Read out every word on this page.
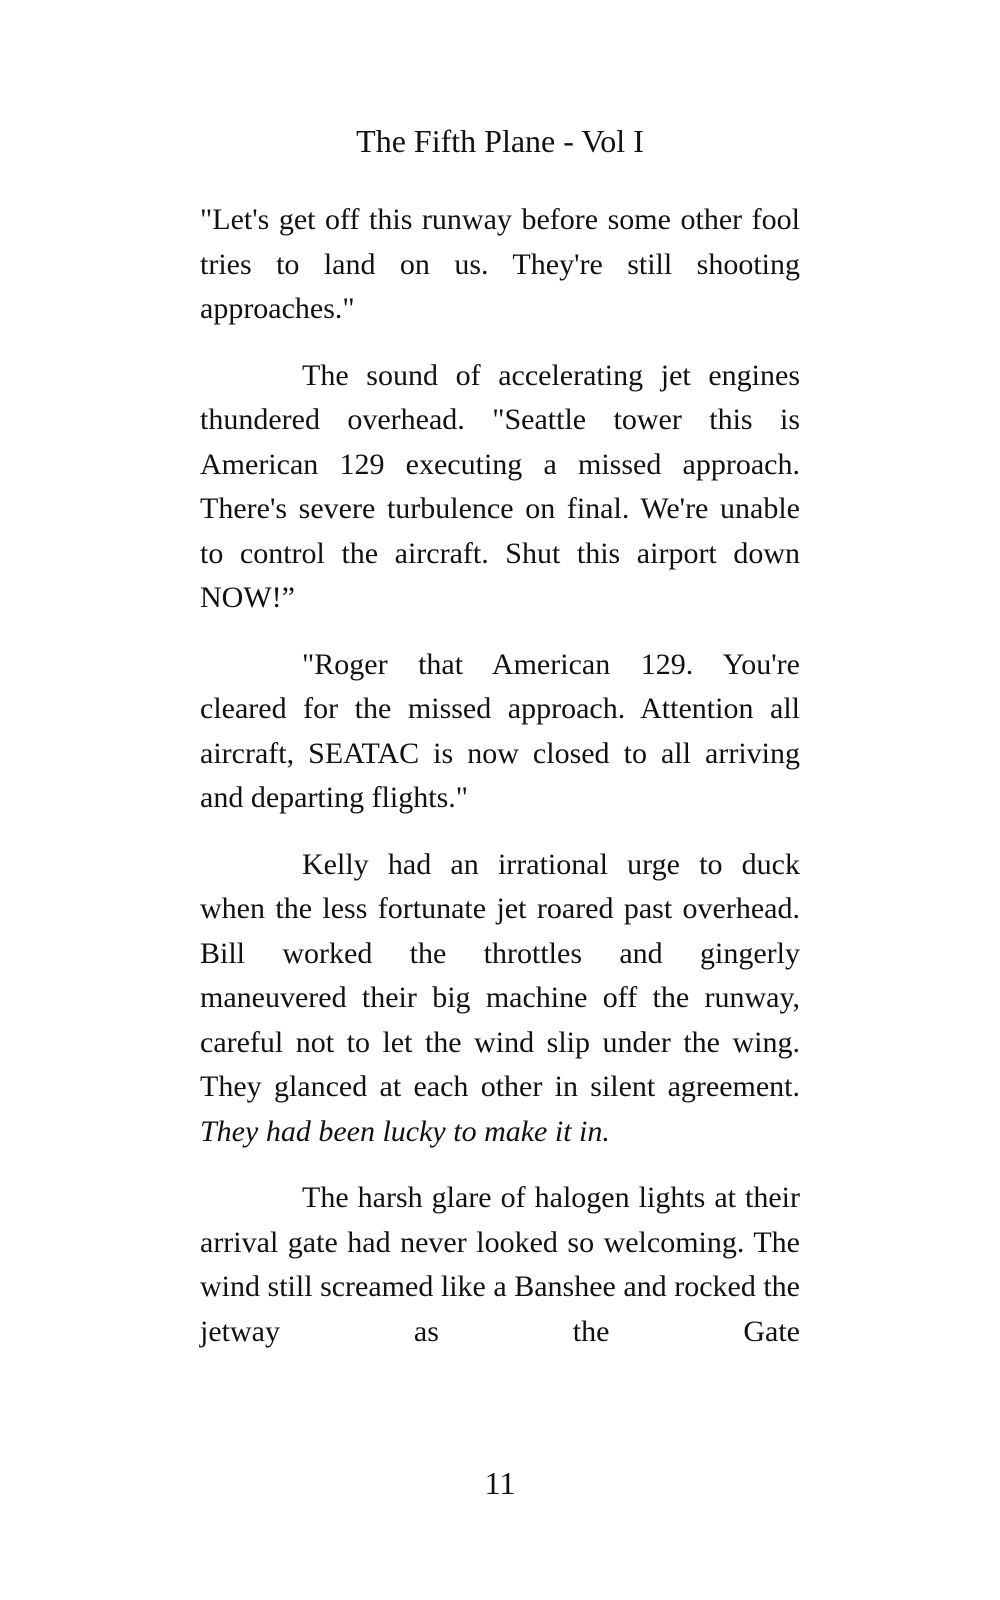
The Fifth Plane - Vol I

"Let's get off this runway before some other fool tries to land on us. They're still shooting approaches."

The sound of accelerating jet engines thundered overhead. "Seattle tower this is American 129 executing a missed approach. There's severe turbulence on final. We're unable to control the aircraft. Shut this airport down NOW!”

"Roger that American 129. You're cleared for the missed approach. Attention all aircraft, SEATAC is now closed to all arriving and departing flights."

Kelly had an irrational urge to duck when the less fortunate jet roared past overhead. Bill worked the throttles and gingerly maneuvered their big machine off the runway, careful not to let the wind slip under the wing. They glanced at each other in silent agreement. They had been lucky to make it in.

The harsh glare of halogen lights at their arrival gate had never looked so welcoming. The wind still screamed like a Banshee and rocked the jetway as the Gate

11
